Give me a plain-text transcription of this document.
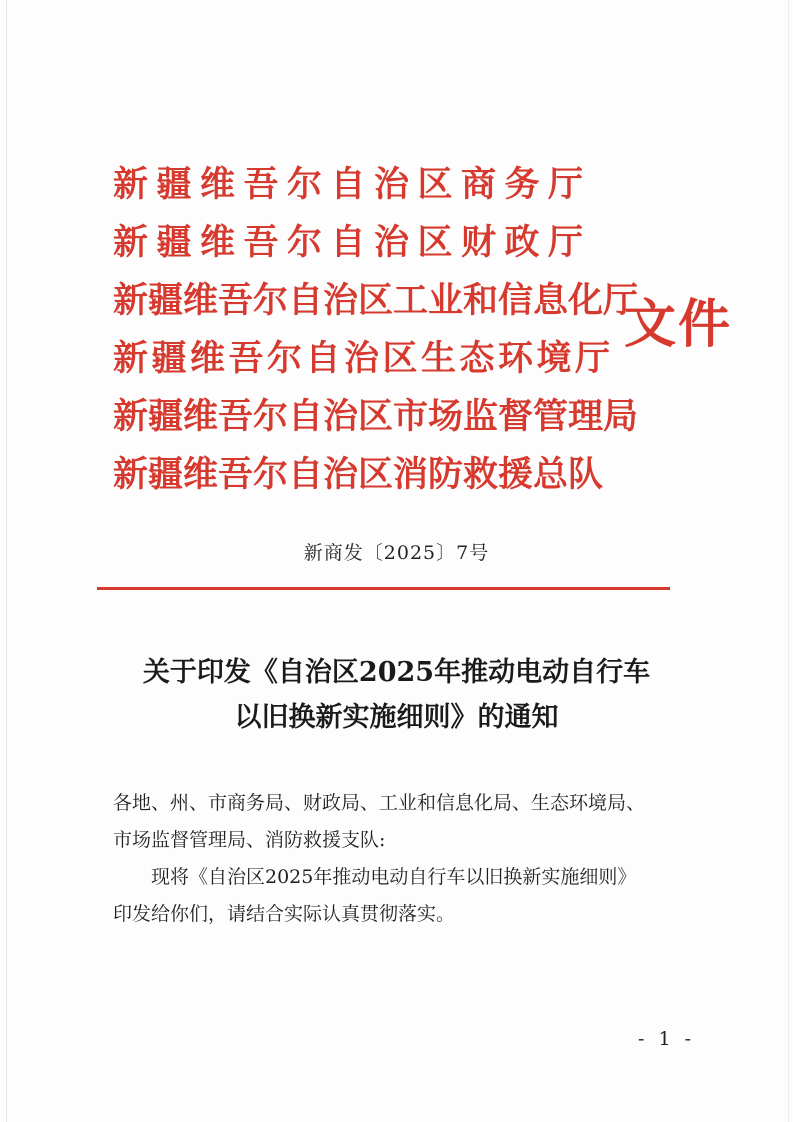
新疆维吾尔自治区商务厅
新疆维吾尔自治区财政厅
新疆维吾尔自治区工业和信息化厅
新疆维吾尔自治区生态环境厅
新疆维吾尔自治区市场监督管理局
新疆维吾尔自治区消防救援总队
文件
新商发〔2025〕7号
关于印发《自治区2025年推动电动自行车
以旧换新实施细则》的通知
各地、州、市商务局、财政局、工业和信息化局、生态环境局、
市场监督管理局、消防救援支队:
现将《自治区2025年推动电动自行车以旧换新实施细则》
印发给你们，请结合实际认真贯彻落实。
- 1 -
